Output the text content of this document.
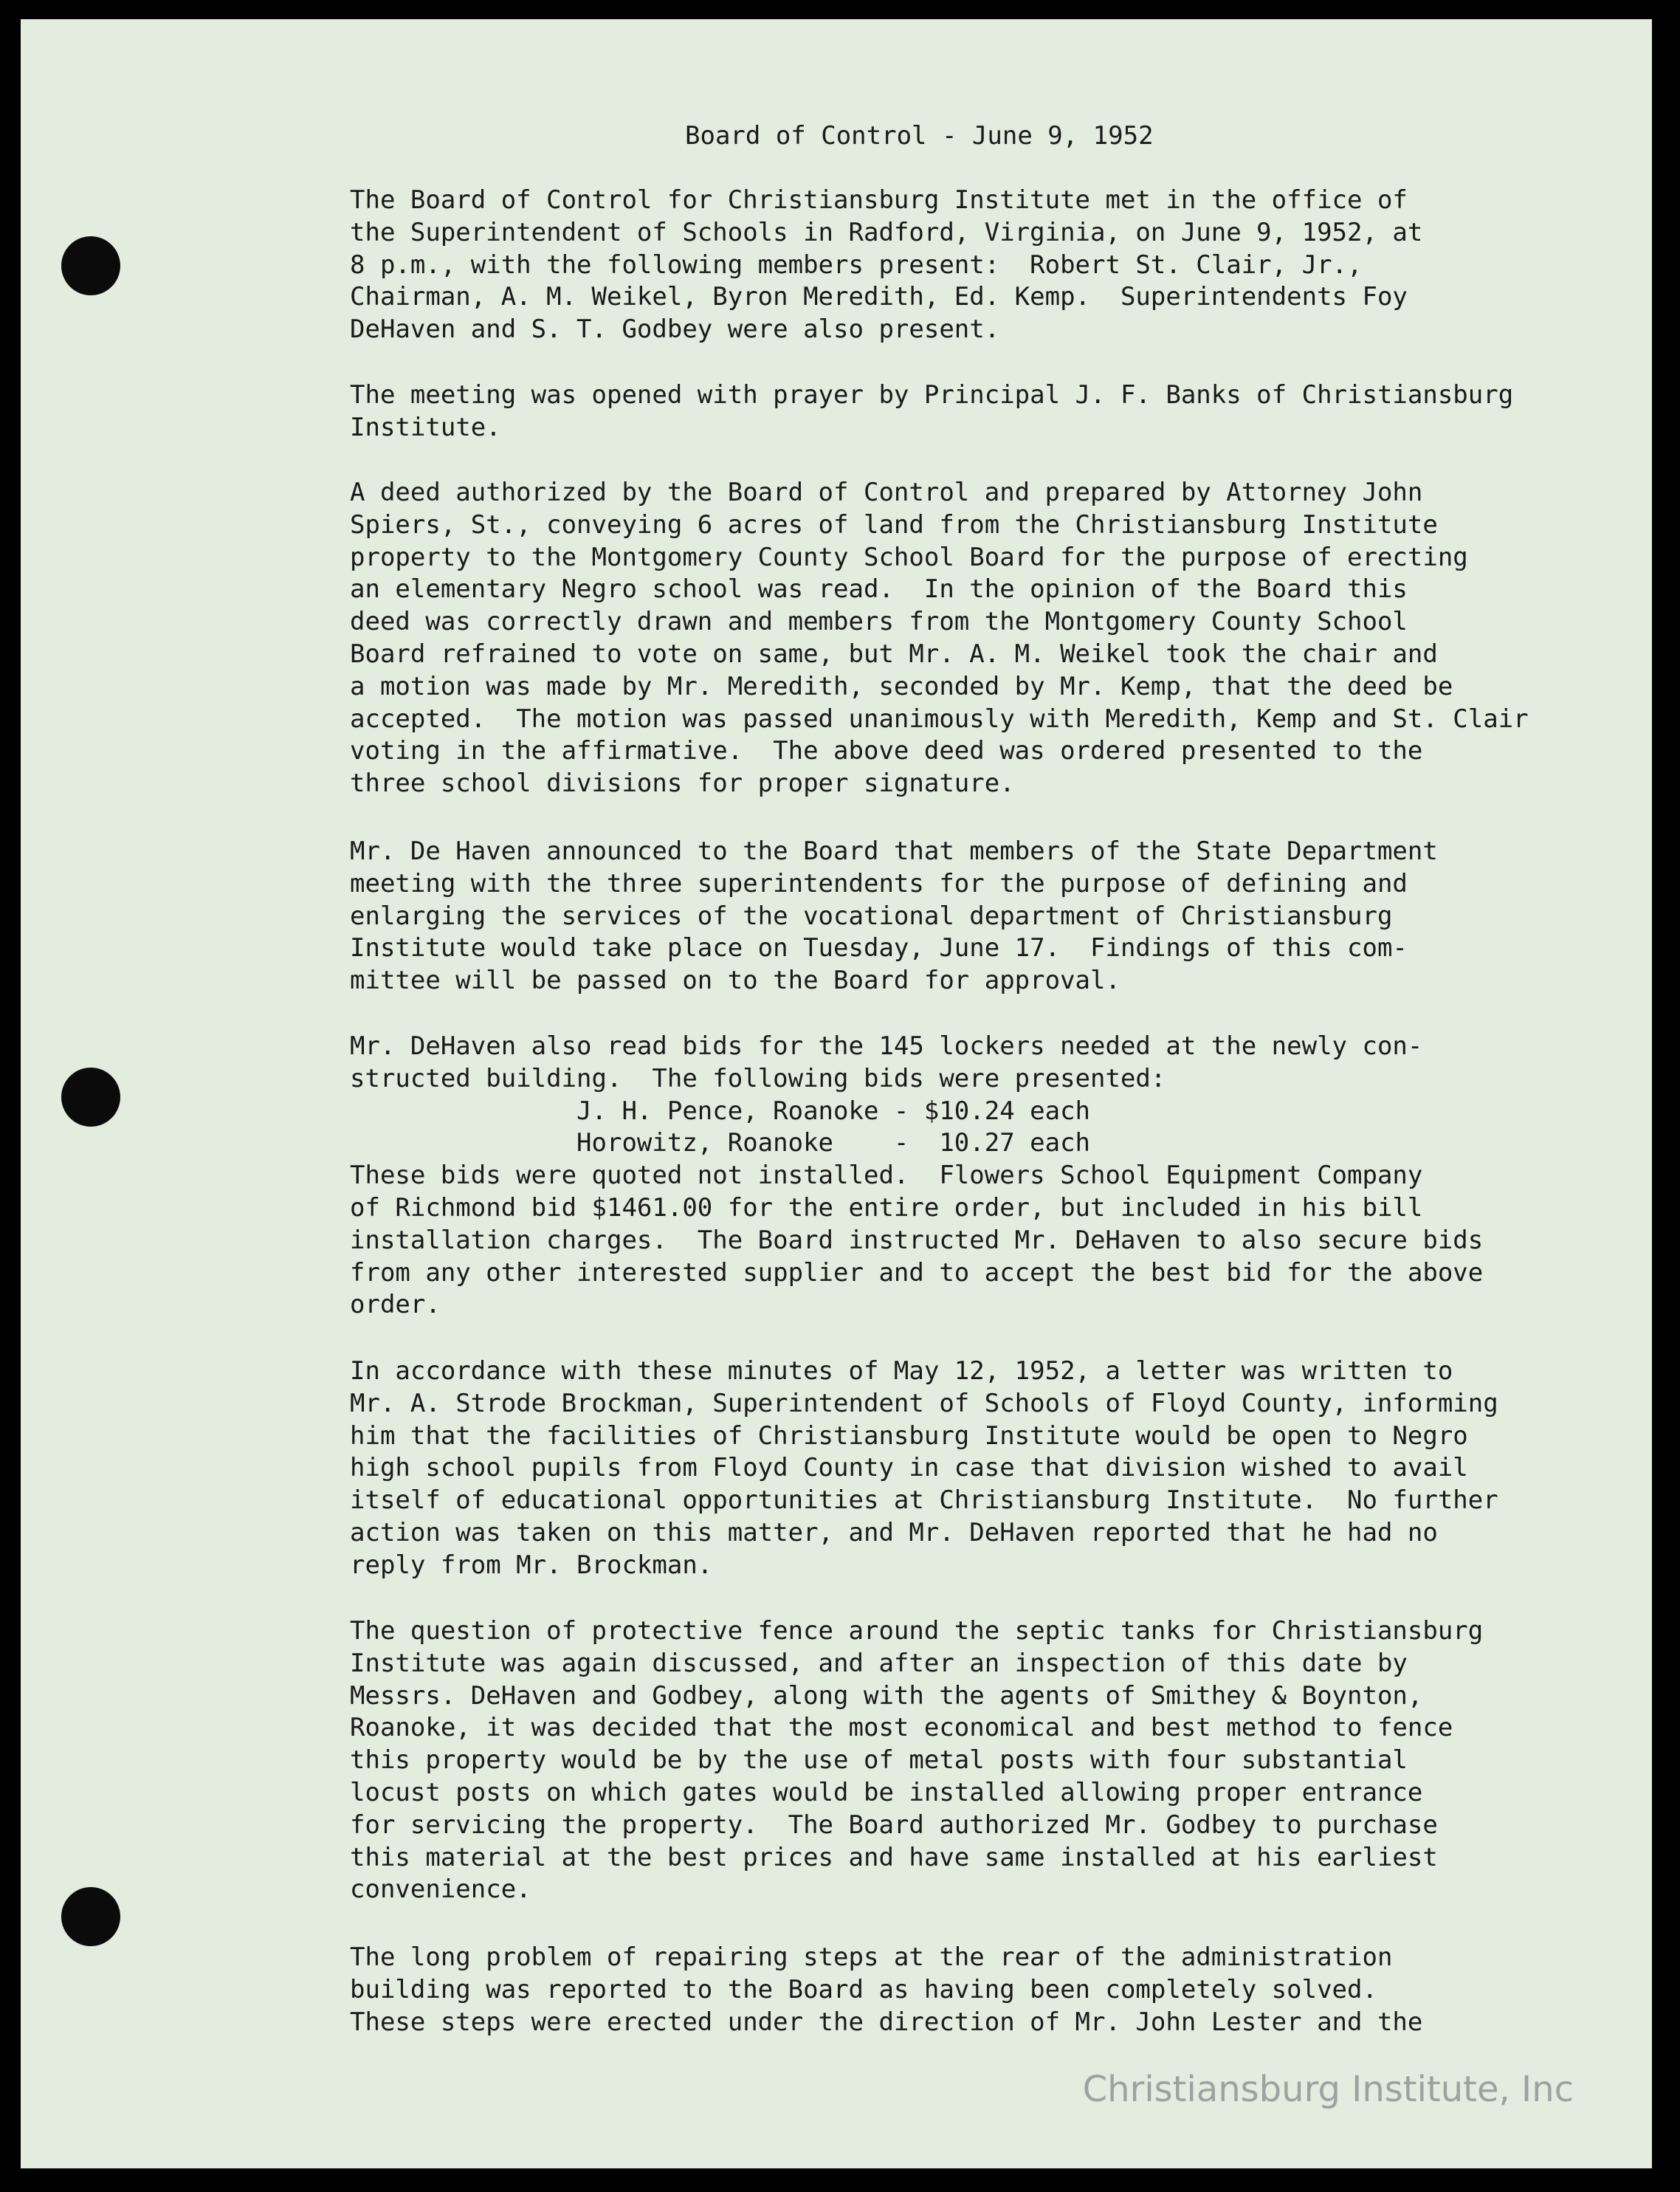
Board of Control - June 9, 1952
The Board of Control for Christiansburg Institute met in the office of
the Superintendent of Schools in Radford, Virginia, on June 9, 1952, at
8 p.m., with the following members present:  Robert St. Clair, Jr.,
Chairman, A. M. Weikel, Byron Meredith, Ed. Kemp.  Superintendents Foy
DeHaven and S. T. Godbey were also present.
The meeting was opened with prayer by Principal J. F. Banks of Christiansburg
Institute.
A deed authorized by the Board of Control and prepared by Attorney John
Spiers, St., conveying 6 acres of land from the Christiansburg Institute
property to the Montgomery County School Board for the purpose of erecting
an elementary Negro school was read.  In the opinion of the Board this
deed was correctly drawn and members from the Montgomery County School
Board refrained to vote on same, but Mr. A. M. Weikel took the chair and
a motion was made by Mr. Meredith, seconded by Mr. Kemp, that the deed be
accepted.  The motion was passed unanimously with Meredith, Kemp and St. Clair
voting in the affirmative.  The above deed was ordered presented to the
three school divisions for proper signature.
Mr. De Haven announced to the Board that members of the State Department
meeting with the three superintendents for the purpose of defining and
enlarging the services of the vocational department of Christiansburg
Institute would take place on Tuesday, June 17.  Findings of this com-
mittee will be passed on to the Board for approval.
Mr. DeHaven also read bids for the 145 lockers needed at the newly con-
structed building.  The following bids were presented:
J. H. Pence, Roanoke - $10.24 each
Horowitz, Roanoke    -  10.27 each
These bids were quoted not installed.  Flowers School Equipment Company
of Richmond bid $1461.00 for the entire order, but included in his bill
installation charges.  The Board instructed Mr. DeHaven to also secure bids
from any other interested supplier and to accept the best bid for the above
order.
In accordance with these minutes of May 12, 1952, a letter was written to
Mr. A. Strode Brockman, Superintendent of Schools of Floyd County, informing
him that the facilities of Christiansburg Institute would be open to Negro
high school pupils from Floyd County in case that division wished to avail
itself of educational opportunities at Christiansburg Institute.  No further
action was taken on this matter, and Mr. DeHaven reported that he had no
reply from Mr. Brockman.
The question of protective fence around the septic tanks for Christiansburg
Institute was again discussed, and after an inspection of this date by
Messrs. DeHaven and Godbey, along with the agents of Smithey & Boynton,
Roanoke, it was decided that the most economical and best method to fence
this property would be by the use of metal posts with four substantial
locust posts on which gates would be installed allowing proper entrance
for servicing the property.  The Board authorized Mr. Godbey to purchase
this material at the best prices and have same installed at his earliest
convenience.
The long problem of repairing steps at the rear of the administration
building was reported to the Board as having been completely solved.
These steps were erected under the direction of Mr. John Lester and the
Christiansburg Institute, Inc
